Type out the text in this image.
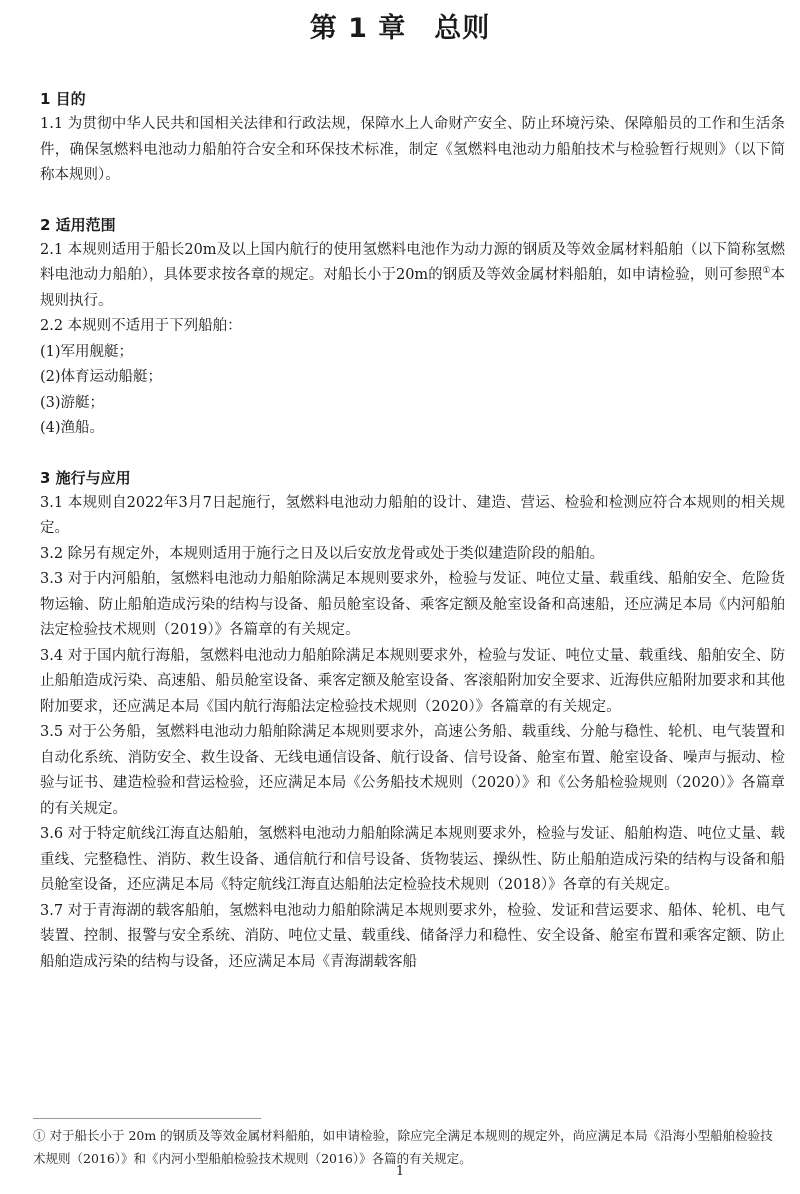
第 1 章　总则

1 目的

1.1 为贯彻中华人民共和国相关法律和行政法规，保障水上人命财产安全、防止环境污染、保障船员的工作和生活条件，确保氢燃料电池动力船舶符合安全和环保技术标准，制定《氢燃料电池动力船舶技术与检验暂行规则》（以下简称本规则）。

2 适用范围

2.1 本规则适用于船长20m及以上国内航行的使用氢燃料电池作为动力源的钢质及等效金属材料船舶（以下简称氢燃料电池动力船舶），具体要求按各章的规定。对船长小于20m的钢质及等效金属材料船舶，如申请检验，则可参照①本规则执行。

2.2 本规则不适用于下列船舶：

(1)军用舰艇；

(2)体育运动船艇；

(3)游艇；

(4)渔船。

3 施行与应用

3.1 本规则自2022年3月7日起施行，氢燃料电池动力船舶的设计、建造、营运、检验和检测应符合本规则的相关规定。

3.2 除另有规定外，本规则适用于施行之日及以后安放龙骨或处于类似建造阶段的船舶。

3.3 对于内河船舶，氢燃料电池动力船舶除满足本规则要求外，检验与发证、吨位丈量、载重线、船舶安全、危险货物运输、防止船舶造成污染的结构与设备、船员舱室设备、乘客定额及舱室设备和高速船，还应满足本局《内河船舶法定检验技术规则（2019）》各篇章的有关规定。

3.4 对于国内航行海船，氢燃料电池动力船舶除满足本规则要求外，检验与发证、吨位丈量、载重线、船舶安全、防止船舶造成污染、高速船、船员舱室设备、乘客定额及舱室设备、客滚船附加安全要求、近海供应船附加要求和其他附加要求，还应满足本局《国内航行海船法定检验技术规则（2020）》各篇章的有关规定。

3.5 对于公务船，氢燃料电池动力船舶除满足本规则要求外，高速公务船、载重线、分舱与稳性、轮机、电气装置和自动化系统、消防安全、救生设备、无线电通信设备、航行设备、信号设备、舱室布置、舱室设备、噪声与振动、检验与证书、建造检验和营运检验，还应满足本局《公务船技术规则（2020）》和《公务船检验规则（2020）》各篇章的有关规定。

3.6 对于特定航线江海直达船舶，氢燃料电池动力船舶除满足本规则要求外，检验与发证、船舶构造、吨位丈量、载重线、完整稳性、消防、救生设备、通信航行和信号设备、货物装运、操纵性、防止船舶造成污染的结构与设备和船员舱室设备，还应满足本局《特定航线江海直达船舶法定检验技术规则（2018）》各章的有关规定。

3.7 对于青海湖的载客船舶，氢燃料电池动力船舶除满足本规则要求外，检验、发证和营运要求、船体、轮机、电气装置、控制、报警与安全系统、消防、吨位丈量、载重线、储备浮力和稳性、安全设备、舱室布置和乘客定额、防止船舶造成污染的结构与设备，还应满足本局《青海湖载客船

① 对于船长小于 20m 的钢质及等效金属材料船舶，如申请检验，除应完全满足本规则的规定外，尚应满足本局《沿海小型船舶检验技术规则（2016）》和《内河小型船舶检验技术规则（2016）》各篇的有关规定。

1
